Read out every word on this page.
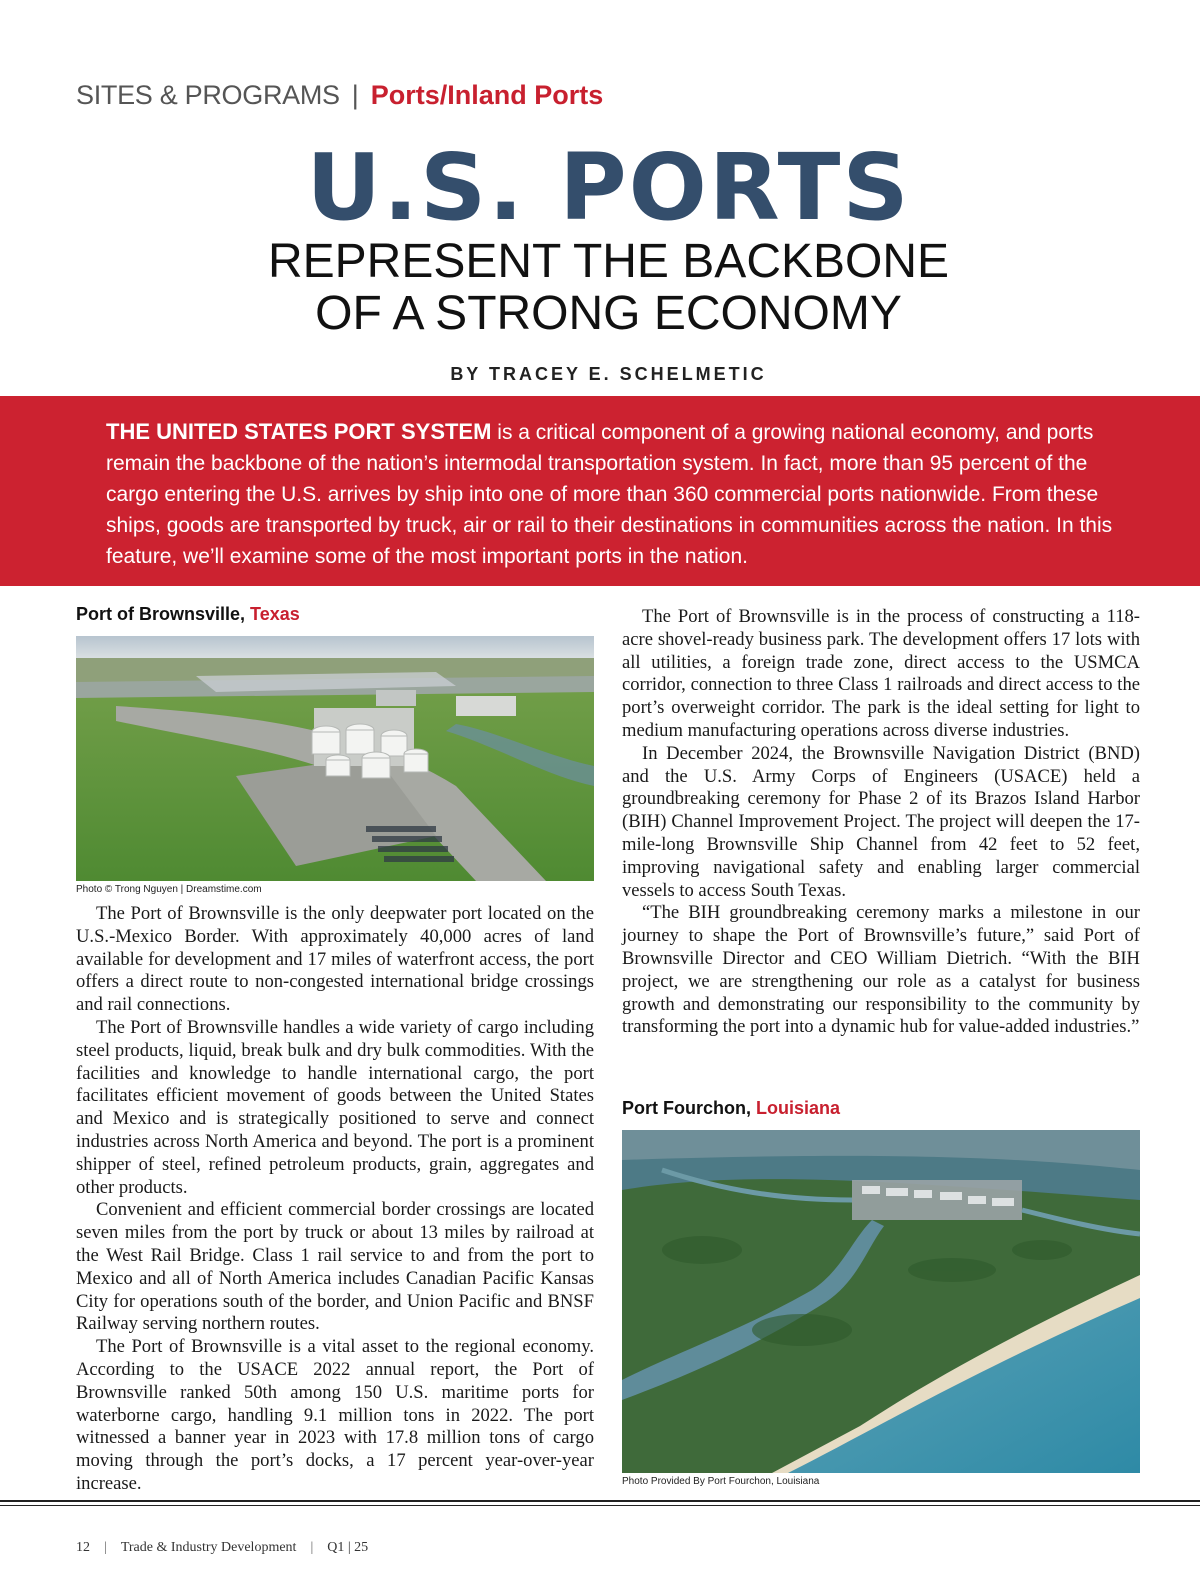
SITES & PROGRAMS | Ports/Inland Ports
U.S. PORTS
REPRESENT THE BACKBONE
OF A STRONG ECONOMY
BY TRACEY E. SCHELMETIC
THE UNITED STATES PORT SYSTEM is a critical component of a growing national economy, and ports remain the backbone of the nation’s intermodal transportation system. In fact, more than 95 percent of the cargo entering the U.S. arrives by ship into one of more than 360 commercial ports nationwide. From these ships, goods are transported by truck, air or rail to their destinations in communities across the nation. In this feature, we’ll examine some of the most important ports in the nation.
Port of Brownsville, Texas
Photo © Trong Nguyen | Dreamstime.com

The Port of Brownsville is the only deepwater port located on the U.S.-Mexico Border. With approximately 40,000 acres of land available for development and 17 miles of waterfront access, the port offers a direct route to non-congested international bridge crossings and rail connections.

The Port of Brownsville handles a wide variety of cargo including steel products, liquid, break bulk and dry bulk commodities. With the facilities and knowledge to handle international cargo, the port facilitates efficient movement of goods between the United States and Mexico and is strategically positioned to serve and connect industries across North America and beyond. The port is a prominent shipper of steel, refined petroleum products, grain, aggregates and other products.

Convenient and efficient commercial border crossings are located seven miles from the port by truck or about 13 miles by railroad at the West Rail Bridge. Class 1 rail service to and from the port to Mexico and all of North America includes Canadian Pacific Kansas City for operations south of the border, and Union Pacific and BNSF Railway serving northern routes.

The Port of Brownsville is a vital asset to the regional economy. According to the USACE 2022 annual report, the Port of Brownsville ranked 50th among 150 U.S. maritime ports for waterborne cargo, handling 9.1 million tons in 2022. The port witnessed a banner year in 2023 with 17.8 million tons of cargo moving through the port’s docks, a 17 percent year-over-year increase.

The Port of Brownsville is in the process of constructing a 118-acre shovel-ready business park. The development offers 17 lots with all utilities, a foreign trade zone, direct access to the USMCA corridor, connection to three Class 1 railroads and direct access to the port’s overweight corridor. The park is the ideal setting for light to medium manufacturing operations across diverse industries.

In December 2024, the Brownsville Navigation District (BND) and the U.S. Army Corps of Engineers (USACE) held a groundbreaking ceremony for Phase 2 of its Brazos Island Harbor (BIH) Channel Improvement Project. The project will deepen the 17-mile-long Brownsville Ship Channel from 42 feet to 52 feet, improving navigational safety and enabling larger commercial vessels to access South Texas.

“The BIH groundbreaking ceremony marks a milestone in our journey to shape the Port of Brownsville’s future,” said Port of Brownsville Director and CEO William Dietrich. “With the BIH project, we are strengthening our role as a catalyst for business growth and demonstrating our responsibility to the community by transforming the port into a dynamic hub for value-added industries.”

Port Fourchon, Louisiana
Photo Provided By Port Fourchon, Louisiana
12 | Trade & Industry Development | Q1 | 25
